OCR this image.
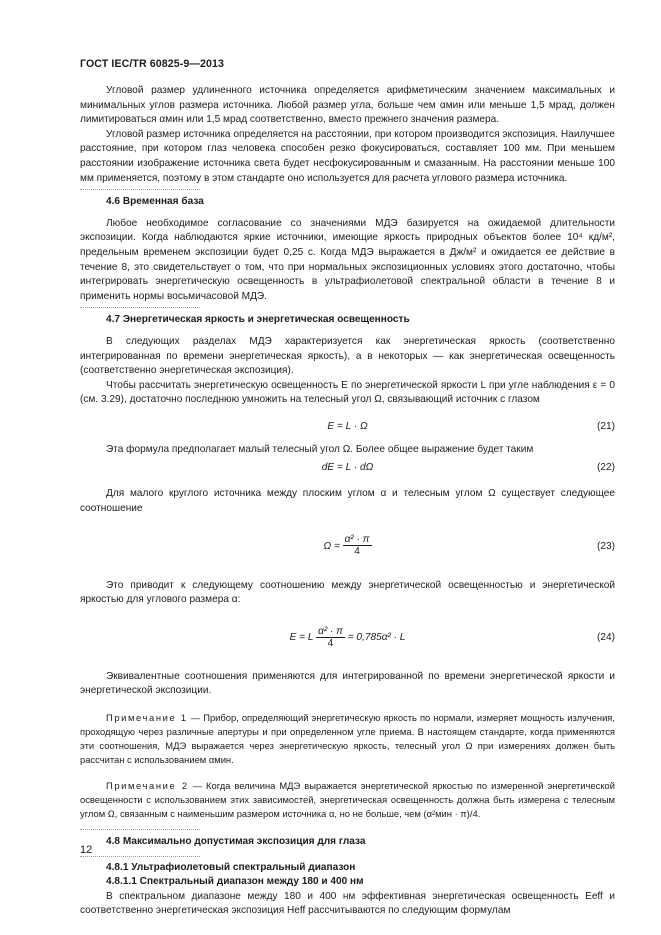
ГОСТ IEC/TR 60825-9—2013

Угловой размер удлиненного источника определяется арифметическим значением максимальных и минимальных углов размера источника. Любой размер угла, больше чем αмин или меньше 1,5 мрад, должен лимитироваться αмин или 1,5 мрад соответственно, вместо прежнего значения размера.

Угловой размер источника определяется на расстоянии, при котором производится экспозиция. Наилучшее расстояние, при котором глаз человека способен резко фокусироваться, составляет 100 мм. При меньшем расстоянии изображение источника света будет несфокусированным и смазанным. На расстоянии меньше 100 мм применяется, поэтому в этом стандарте оно используется для расчета углового размера источника.

4.6 Временная база

Любое необходимое согласование со значениями МДЭ базируется на ожидаемой длительности экспозиции. Когда наблюдаются яркие источники, имеющие яркость природных объектов более 10⁴ кд/м², предельным временем экспозиции будет 0,25 с. Когда МДЭ выражается в Дж/м² и ожидается ее действие в течение 8, это свидетельствует о том, что при нормальных экспозиционных условиях этого достаточно, чтобы интегрировать энергетическую освещенность в ультрафиолетовой спектральной области в течение 8 и применить нормы восьмичасовой МДЭ.

4.7 Энергетическая яркость и энергетическая освещенность

В следующих разделах МДЭ характеризуется как энергетическая яркость (соответственно интегрированная по времени энергетическая яркость), а в некоторых — как энергетическая освещенность (соответственно энергетическая экспозиция).

Чтобы рассчитать энергетическую освещенность E по энергетической яркости L при угле наблюдения ε = 0 (см. 3.29), достаточно последнюю умножить на телесный угол Ω, связывающий источник с глазом

E = L · Ω	(21)

Эта формула предполагает малый телесный угол Ω. Более общее выражение будет таким

dE = L · dΩ	(22)

Для малого круглого источника между плоским углом α и телесным углом Ω существует следующее соотношение

$\Omega = \frac{\text{α² · π}}{4}$	(23)

Это приводит к следующему соотношению между энергетической освещенностью и энергетической яркостью для углового размера α:

E = L $\frac{\text{α² · π}}{4} = 0,785\alpha^2 \cdot L$	(24)

Эквивалентные соотношения применяются для интегрированной по времени энергетической яркости и энергетической экспозиции.

Примечание 1 — Прибор, определяющий энергетическую яркость по нормали, измеряет мощность излучения, проходящую через различные апертуры и при определенном угле приема. В настоящем стандарте, когда применяются эти соотношения, МДЭ выражается через энергетическую яркость, телесный угол Ω при измерениях должен быть рассчитан с использованием αмин.

Примечание 2 — Когда величина МДЭ выражается энергетической яркостью по измеренной энергетической освещенности с использованием этих зависимостей, энергетическая освещенность должна быть измерена с телесным углом Ω, связанным с наименьшим размером источника α, но не больше, чем (α²мин · π)/4.

4.8 Максимально допустимая экспозиция для глаза

4.8.1 Ультрафиолетовый спектральный диапазон

4.8.1.1 Спектральный диапазон между 180 и 400 нм

В спектральном диапазоне между 180 и 400 нм эффективная энергетическая освещенность Eeff и соответственно энергетическая экспозиция Heff рассчитываются по следующим формулам

12
